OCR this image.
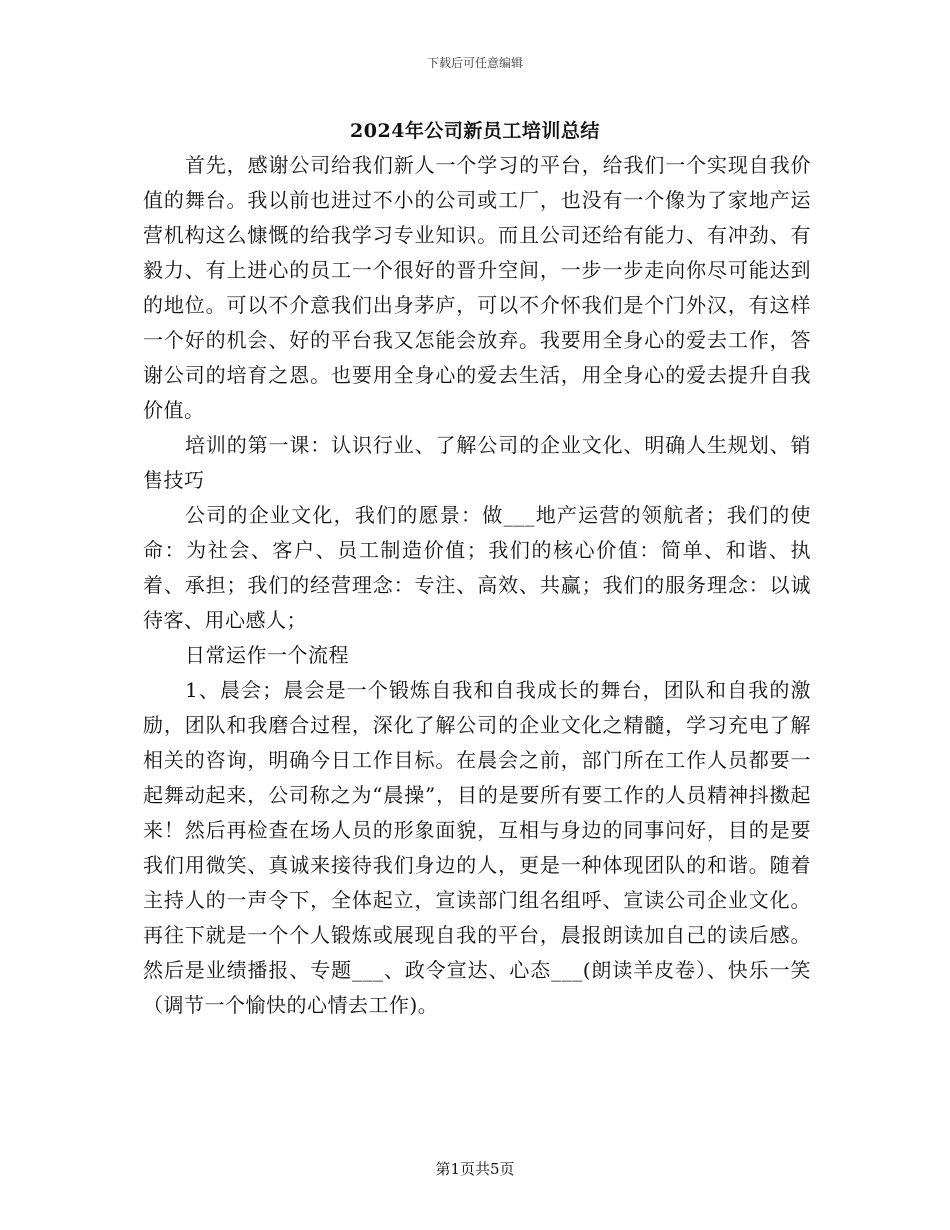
下载后可任意编辑
2024年公司新员工培训总结

首先，感谢公司给我们新人一个学习的平台，给我们一个实现自我价值的舞台。我以前也进过不小的公司或工厂，也没有一个像为了家地产运营机构这么慷慨的给我学习专业知识。而且公司还给有能力、有冲劲、有毅力、有上进心的员工一个很好的晋升空间，一步一步走向你尽可能达到的地位。可以不介意我们出身茅庐，可以不介怀我们是个门外汉，有这样一个好的机会、好的平台我又怎能会放弃。我要用全身心的爱去工作，答谢公司的培育之恩。也要用全身心的爱去生活，用全身心的爱去提升自我价值。

培训的第一课：认识行业、了解公司的企业文化、明确人生规划、销售技巧

公司的企业文化，我们的愿景：做___地产运营的领航者；我们的使命：为社会、客户、员工制造价值；我们的核心价值：简单、和谐、执着、承担；我们的经营理念：专注、高效、共赢；我们的服务理念：以诚待客、用心感人；

日常运作一个流程

1、晨会；晨会是一个锻炼自我和自我成长的舞台，团队和自我的激励，团队和我磨合过程，深化了解公司的企业文化之精髓，学习充电了解相关的咨询，明确今日工作目标。在晨会之前，部门所在工作人员都要一起舞动起来，公司称之为“晨操”，目的是要所有要工作的人员精神抖擞起来！然后再检查在场人员的形象面貌，互相与身边的同事问好，目的是要我们用微笑、真诚来接待我们身边的人，更是一种体现团队的和谐。随着主持人的一声令下，全体起立，宣读部门组名组呼、宣读公司企业文化。再往下就是一个个人锻炼或展现自我的平台，晨报朗读加自己的读后感。然后是业绩播报、专题___、政令宣达、心态___(朗读羊皮卷）、快乐一笑（调节一个愉快的心情去工作)。

第1页共5页
